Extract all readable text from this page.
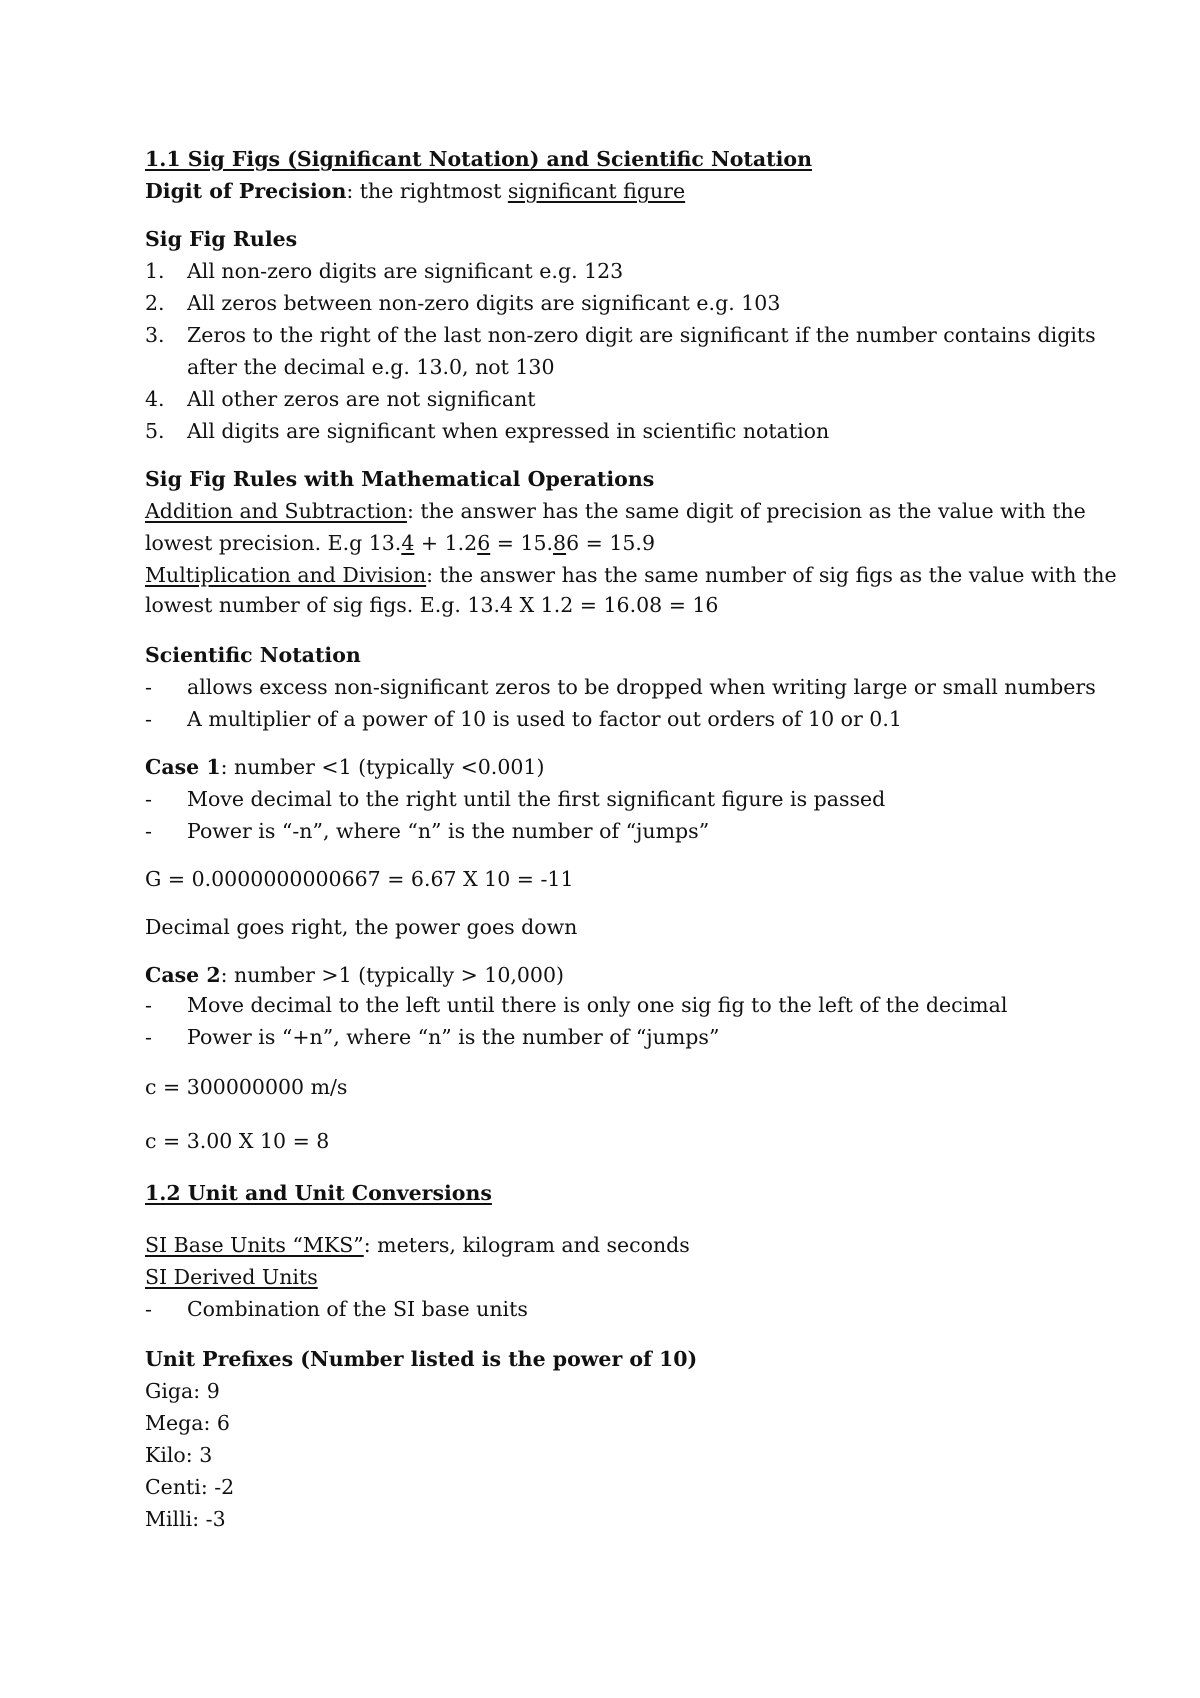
1.1 Sig Figs (Significant Notation) and Scientific Notation
Digit of Precision: the rightmost significant figure
Sig Fig Rules
1. All non-zero digits are significant e.g. 123
2. All zeros between non-zero digits are significant e.g. 103
3. Zeros to the right of the last non-zero digit are significant if the number contains digits
after the decimal e.g. 13.0, not 130
4. All other zeros are not significant
5. All digits are significant when expressed in scientific notation
Sig Fig Rules with Mathematical Operations
Addition and Subtraction: the answer has the same digit of precision as the value with the
lowest precision. E.g 13.4 + 1.26 = 15.86 = 15.9
Multiplication and Division: the answer has the same number of sig figs as the value with the
lowest number of sig figs. E.g. 13.4 X 1.2 = 16.08 = 16
Scientific Notation
- allows excess non-significant zeros to be dropped when writing large or small numbers
- A multiplier of a power of 10 is used to factor out orders of 10 or 0.1
Case 1: number <1 (typically <0.001)
- Move decimal to the right until the first significant figure is passed
- Power is “-n”, where “n” is the number of “jumps”
G = 0.0000000000667 = 6.67 X 10 = -11
Decimal goes right, the power goes down
Case 2: number >1 (typically > 10,000)
- Move decimal to the left until there is only one sig fig to the left of the decimal
- Power is “+n”, where “n” is the number of “jumps”
c = 300000000 m/s
c = 3.00 X 10 = 8
1.2 Unit and Unit Conversions
SI Base Units “MKS”: meters, kilogram and seconds
SI Derived Units
- Combination of the SI base units
Unit Prefixes (Number listed is the power of 10)
Giga: 9
Mega: 6
Kilo: 3
Centi: -2
Milli: -3
